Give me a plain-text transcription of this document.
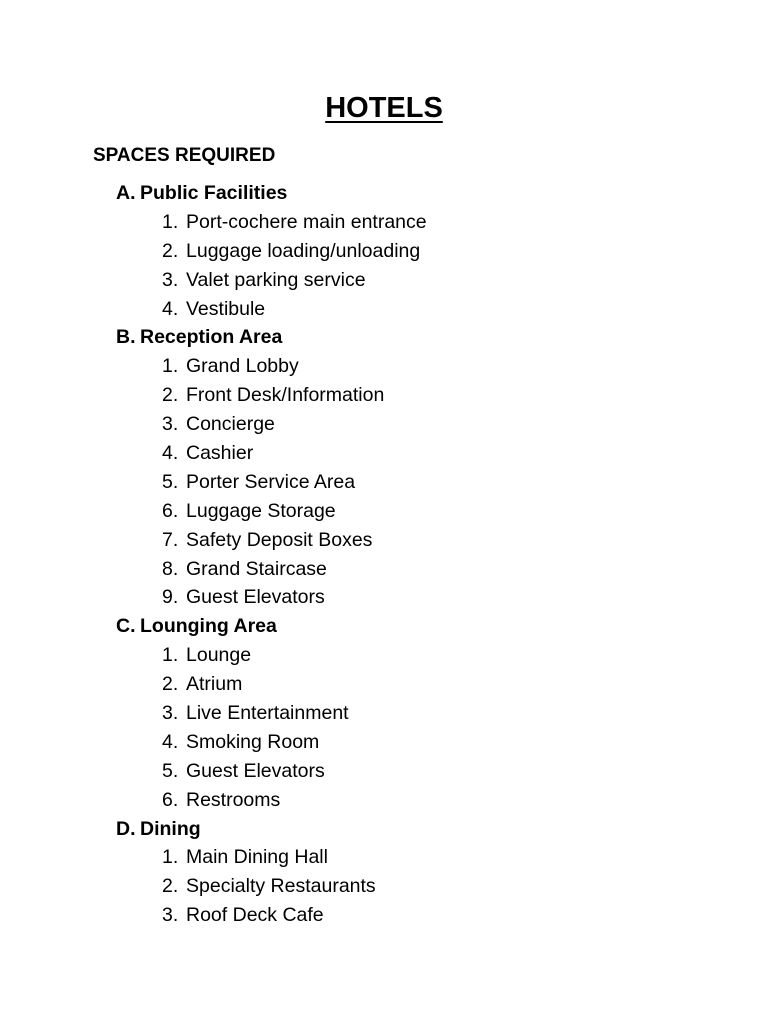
HOTELS
SPACES REQUIRED
A. Public Facilities
1. Port-cochere main entrance
2. Luggage loading/unloading
3. Valet parking service
4. Vestibule
B. Reception Area
1. Grand Lobby
2. Front Desk/Information
3. Concierge
4. Cashier
5. Porter Service Area
6. Luggage Storage
7. Safety Deposit Boxes
8. Grand Staircase
9. Guest Elevators
C. Lounging Area
1. Lounge
2. Atrium
3. Live Entertainment
4. Smoking Room
5. Guest Elevators
6. Restrooms
D. Dining
1. Main Dining Hall
2. Specialty Restaurants
3. Roof Deck Cafe
